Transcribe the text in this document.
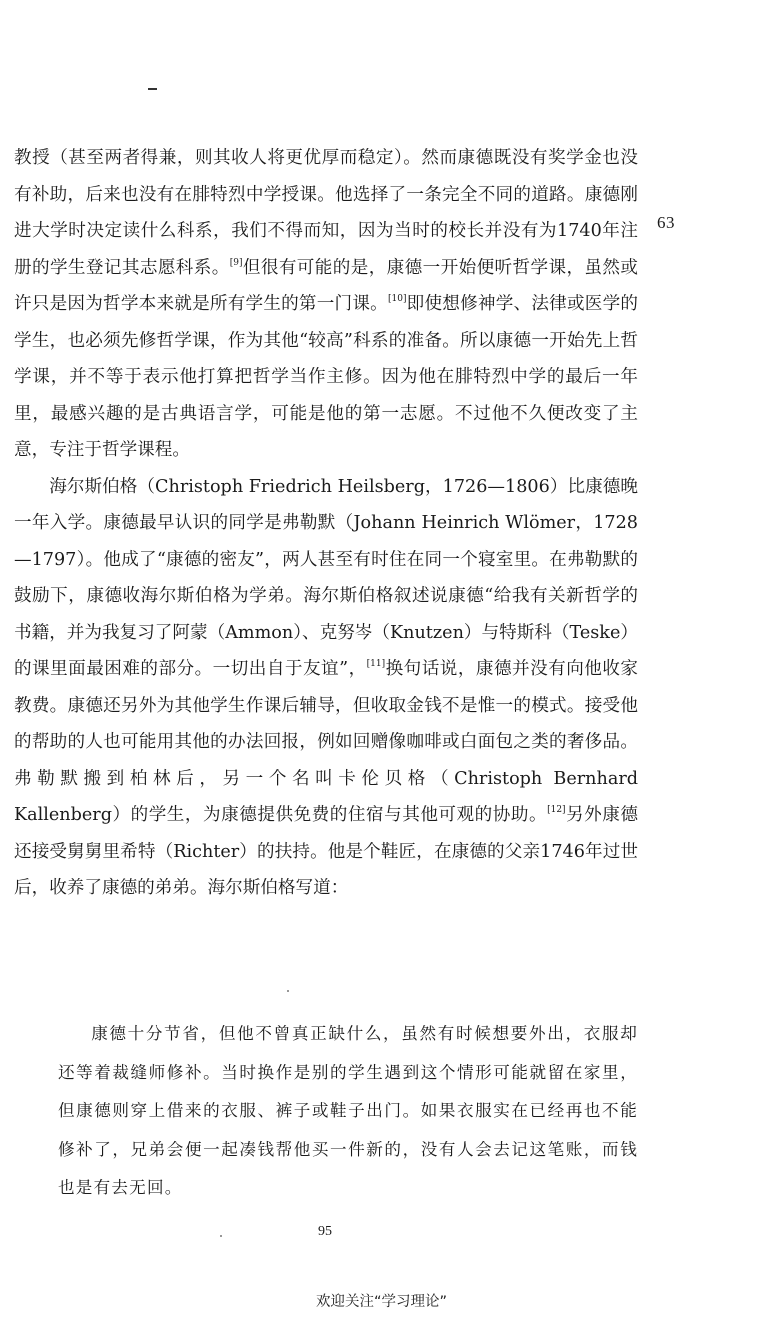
63

教授（甚至两者得兼，则其收人将更优厚而稳定）。然而康德既没有奖学金也没有补助，后来也没有在腓特烈中学授课。他选择了一条完全不同的道路。康德刚进大学时决定读什么科系，我们不得而知，因为当时的校长并没有为1740年注册的学生登记其志愿科系。[9]但很有可能的是，康德一开始便听哲学课，虽然或许只是因为哲学本来就是所有学生的第一门课。[10]即使想修神学、法律或医学的学生，也必须先修哲学课，作为其他“较高”科系的准备。所以康德一开始先上哲学课，并不等于表示他打算把哲学当作主修。因为他在腓特烈中学的最后一年里，最感兴趣的是古典语言学，可能是他的第一志愿。不过他不久便改变了主意，专注于哲学课程。

海尔斯伯格（Christoph Friedrich Heilsberg，1726—1806）比康德晚一年入学。康德最早认识的同学是弗勒默（Johann Heinrich Wlömer，1728—1797）。他成了“康德的密友”，两人甚至有时住在同一个寝室里。在弗勒默的鼓励下，康德收海尔斯伯格为学弟。海尔斯伯格叙述说康德“给我有关新哲学的书籍，并为我复习了阿蒙（Ammon）、克努岑（Knutzen）与特斯科（Teske）的课里面最困难的部分。一切出自于友谊”，[11]换句话说，康德并没有向他收家教费。康德还另外为其他学生作课后辅导，但收取金钱不是惟一的模式。接受他的帮助的人也可能用其他的办法回报，例如回赠像咖啡或白面包之类的奢侈品。弗勒默搬到柏林后，另一个名叫卡伦贝格（Christoph Bernhard Kallenberg）的学生，为康德提供免费的住宿与其他可观的协助。[12]另外康德还接受舅舅里希特（Richter）的扶持。他是个鞋匠，在康德的父亲1746年过世后，收养了康德的弟弟。海尔斯伯格写道：

康德十分节省，但他不曾真正缺什么，虽然有时候想要外出，衣服却还等着裁缝师修补。当时换作是别的学生遇到这个情形可能就留在家里，但康德则穿上借来的衣服、裤子或鞋子出门。如果衣服实在已经再也不能修补了，兄弟会便一起凑钱帮他买一件新的，没有人会去记这笔账，而钱也是有去无回。

95
欢迎关注“学习理论”
